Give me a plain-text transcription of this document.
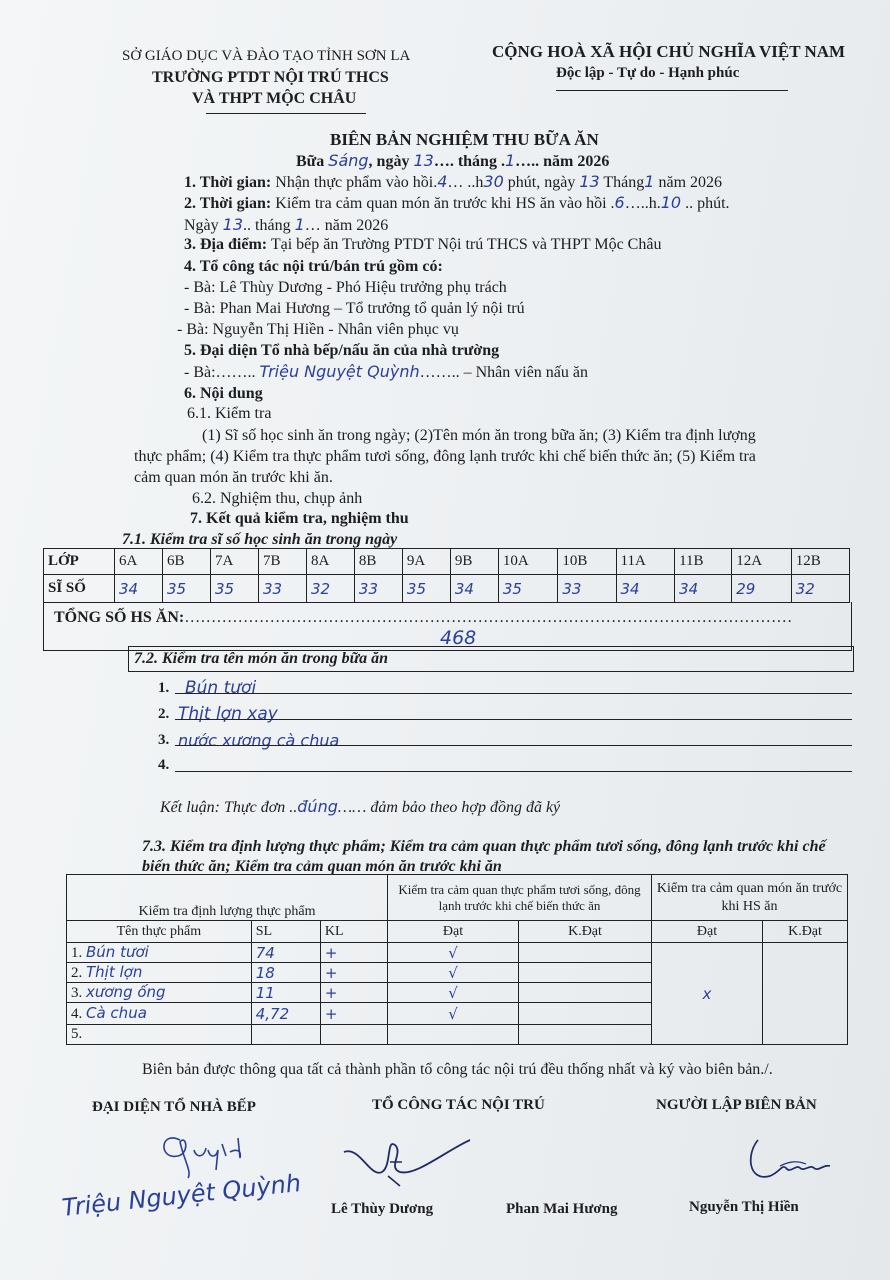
SỞ GIÁO DỤC VÀ ĐÀO TẠO TỈNH SƠN LA
TRƯỜNG PTDT NỘI TRÚ THCS
VÀ THPT MỘC CHÂU
CỘNG HOÀ XÃ HỘI CHỦ NGHĨA VIỆT NAM
Độc lập - Tự do - Hạnh phúc
BIÊN BẢN NGHIỆM THU BỮA ĂN
Bữa Sáng, ngày 13…. tháng .1….. năm 2026
1. Thời gian: Nhận thực phẩm vào hồi.4… ..h30 phút, ngày 13 Tháng1 năm 2026
2. Thời gian: Kiểm tra cảm quan món ăn trước khi HS ăn vào hồi .6…..h.10 .. phút.
Ngày 13.. tháng 1… năm 2026
3. Địa điểm: Tại bếp ăn Trường PTDT Nội trú THCS và THPT Mộc Châu
4. Tổ công tác nội trú/bán trú gồm có:
- Bà: Lê Thùy Dương - Phó Hiệu trưởng phụ trách
- Bà: Phan Mai Hương – Tổ trưởng tổ quản lý nội trú
- Bà: Nguyễn Thị Hiền - Nhân viên phục vụ
5. Đại diện Tổ nhà bếp/nấu ăn của nhà trường
- Bà:…….. Triệu Nguyệt Quỳnh…….. – Nhân viên nấu ăn
6. Nội dung
6.1. Kiểm tra
(1) Sĩ số học sinh ăn trong ngày; (2)Tên món ăn trong bữa ăn; (3) Kiểm tra định lượng
thực phẩm; (4) Kiểm tra thực phẩm tươi sống, đông lạnh trước khi chế biến thức ăn; (5) Kiểm tra
cảm quan món ăn trước khi ăn.
6.2. Nghiệm thu, chụp ảnh
7. Kết quả kiểm tra, nghiệm thu
7.1. Kiểm tra sĩ số học sinh ăn trong ngày
LỚP	6A	6B	7A	7B	8A	8B	9A	9B	10A	10B	11A	11B	12A	12B
SĨ SỐ	34	35	35	33	32	33	35	34	35	33	34	34	29	32
TỔNG SỐ HS ĂN:……………………………………………………………………………………………………
468
7.2. Kiểm tra tên món ăn trong bữa ăn
1. Bún tươi
2. Thịt lợn xay
3. nước xương cà chua
4.
Kết luận: Thực đơn ..đúng…… đảm bảo theo hợp đồng đã ký
7.3. Kiểm tra định lượng thực phẩm; Kiểm tra cảm quan thực phẩm tươi sống, đông lạnh trước khi chế
biến thức ăn; Kiểm tra cảm quan món ăn trước khi ăn
Kiểm tra định lượng thực phẩm			Kiểm tra cảm quan thực phẩm tươi sống, đông lạnh trước khi chế biến thức ăn		Kiểm tra cảm quan món ăn trước khi HS ăn	
Tên thực phẩm	SL	KL	Đạt	K.Đạt	Đạt	K.Đạt
1. Bún tươi	74	+	√		x	
2. Thịt lợn	18	+	√			
3. xương ống	11	+	√			
4. Cà chua	4,72	+	√			
5.						
Biên bản được thông qua tất cả thành phần tổ công tác nội trú đều thống nhất và ký vào biên bản./.
ĐẠI DIỆN TỔ NHÀ BẾP	TỔ CÔNG TÁC NỘI TRÚ	NGƯỜI LẬP BIÊN BẢN
Triệu Nguyệt Quỳnh Lê Thùy Dương	Phan Mai Hương	Nguyễn Thị Hiền
